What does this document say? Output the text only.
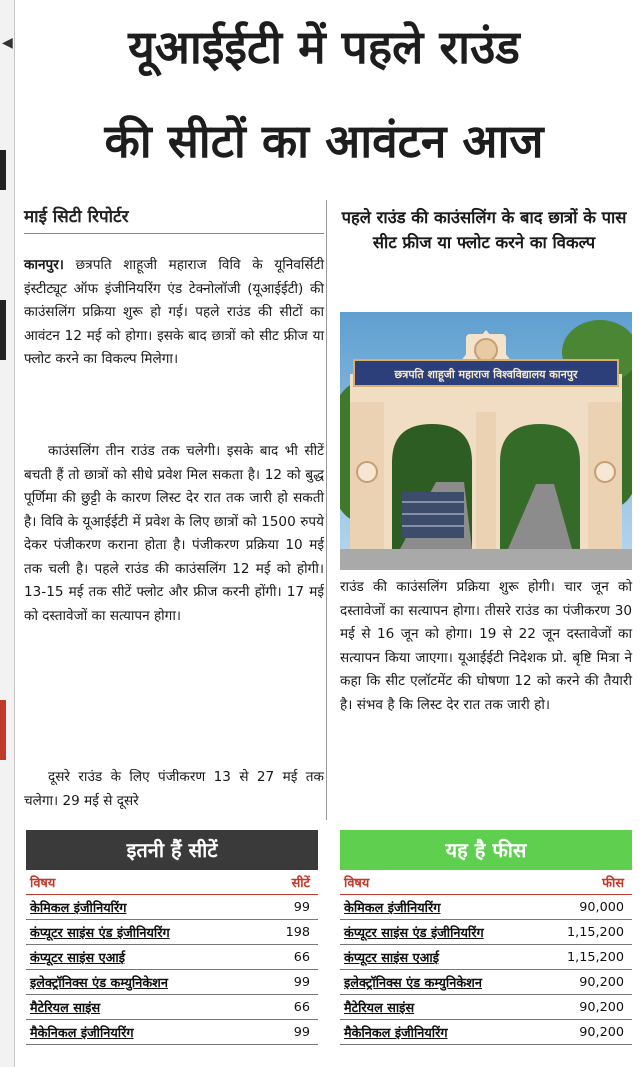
◀	यूआईईटी में पहले राउंड
की सीटों का आवंटन आज
माई सिटी रिपोर्टर

कानपुर। छत्रपति शाहूजी महाराज विवि के यूनिवर्सिटी इंस्टीट्यूट ऑफ इंजीनियरिंग एंड टेक्नोलॉजी (यूआईईटी) की काउंसलिंग प्रक्रिया शुरू हो गई। पहले राउंड की सीटों का आवंटन 12 मई को होगा। इसके बाद छात्रों को सीट फ्रीज या फ्लोट करने का विकल्प मिलेगा।

काउंसलिंग तीन राउंड तक चलेगी। इसके बाद भी सीटें बचती हैं तो छात्रों को सीधे प्रवेश मिल सकता है। 12 को बुद्ध पूर्णिमा की छुट्टी के कारण लिस्ट देर रात तक जारी हो सकती है। विवि के यूआईईटी में प्रवेश के लिए छात्रों को 1500 रुपये देकर पंजीकरण कराना होता है। पंजीकरण प्रक्रिया 10 मई तक चली है। पहले राउंड की काउंसलिंग 12 मई को होगी। 13-15 मई तक सीटें फ्लोट और फ्रीज करनी होंगी। 17 मई को दस्तावेजों का सत्यापन होगा।

दूसरे राउंड के लिए पंजीकरण 13 से 27 मई तक चलेगा। 29 मई से दूसरे

पहले राउंड की काउंसलिंग के बाद छात्रों के पास सीट फ्रीज या फ्लोट करने का विकल्प
छत्रपति शाहूजी महाराज विश्वविद्यालय कानपुर

राउंड की काउंसलिंग प्रक्रिया शुरू होगी। चार जून को दस्तावेजों का सत्यापन होगा। तीसरे राउंड का पंजीकरण 30 मई से 16 जून को होगा। 19 से 22 जून दस्तावेजों का सत्यापन किया जाएगा। यूआईईटी निदेशक प्रो. बृष्टि मित्रा ने कहा कि सीट एलॉटमेंट की घोषणा 12 को करने की तैयारी है। संभव है कि लिस्ट देर रात तक जारी हो।

इतनी हैं सीटें
विषय	सीटें
केमिकल इंजीनियरिंग	99
कंप्यूटर साइंस एंड इंजीनियरिंग	198
कंप्यूटर साइंस एआई	66
इलेक्ट्रॉनिक्स एंड कम्युनिकेशन	99
मैटेरियल साइंस	66
मैकेनिकल इंजीनियरिंग	99
यह है फीस
विषय	फीस
केमिकल इंजीनियरिंग	90,000
कंप्यूटर साइंस एंड इंजीनियरिंग	1,15,200
कंप्यूटर साइंस एआई	1,15,200
इलेक्ट्रॉनिक्स एंड कम्युनिकेशन	90,200
मैटेरियल साइंस	90,200
मैकेनिकल इंजीनियरिंग	90,200
